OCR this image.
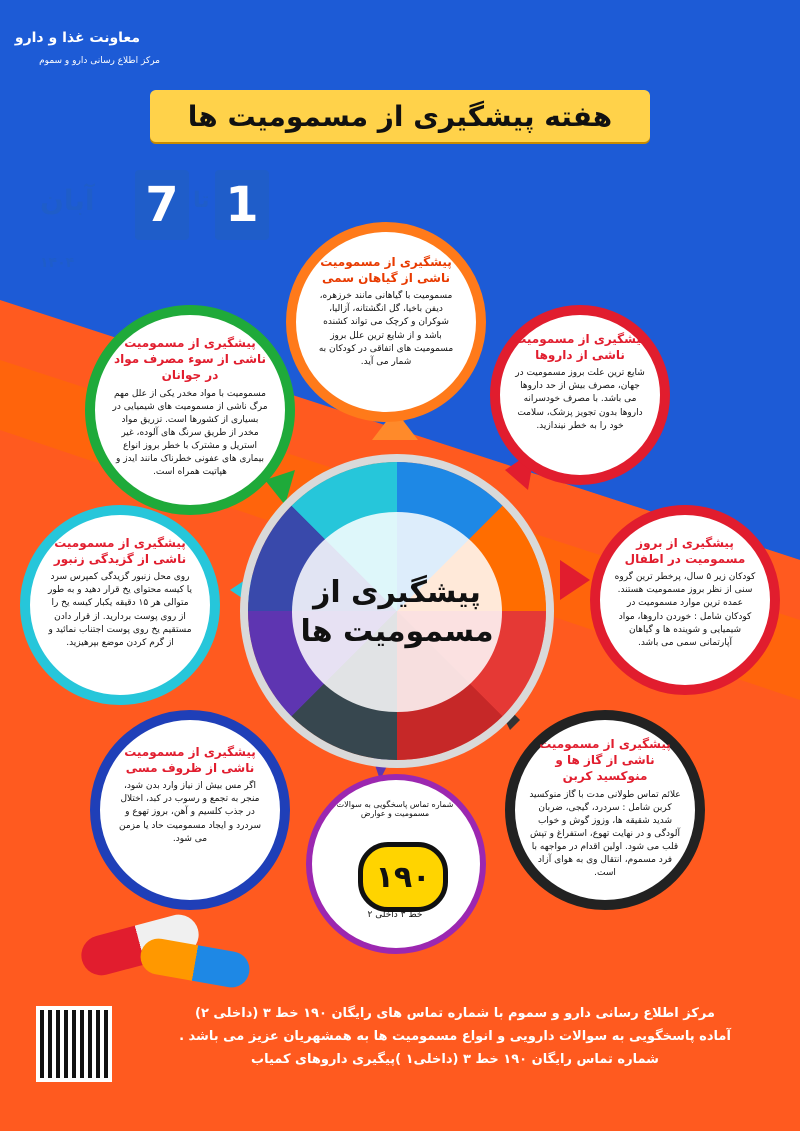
معاونت غذا و دارو
مرکز اطلاع رسانی دارو و سموم
هفته پیشگیری از مسمومیت ها
1
تا
7
آبان
۱۴۰۴
پیشگیری از
مسمومیت ها
پیشگیری از مسمومیت ناشی از گیاهان سمی
مسمومیت با گیاهانی مانند خرزهره، دیفن باخیا، گل انگشتانه، آزالیا، شوکران و کرچک می تواند کشنده باشد و از شایع ترین علل بروز مسمومیت های اتفاقی در کودکان به شمار می آید.
پیشگیری از مسمومیت ناشی از داروها
شایع ترین علت بروز مسمومیت در جهان، مصرف بیش از حد داروها می باشد. با مصرف خودسرانه داروها بدون تجویز پزشک، سلامت خود را به خطر نیندازید.
پیشگیری از بروز مسمومیت در اطفال
کودکان زیر ۵ سال، پرخطر ترین گروه سنی از نظر بروز مسمومیت هستند. عمده ترین موارد مسمومیت در کودکان شامل : خوردن داروها، مواد شیمیایی و شوینده ها و گیاهان آپارتمانی سمی می باشد.
پیشگیری از مسمومیت ناشی از گاز ها و منوکسید کربن
علائم تماس طولانی مدت با گاز منوکسید کربن شامل : سردرد، گیجی، ضربان شدید شقیقه ها، وزوز گوش و خواب آلودگی و در نهایت تهوع، استفراغ و تپش قلب می شود. اولین اقدام در مواجهه با فرد مسموم، انتقال وی به هوای آزاد است.
پیشگیری از مسمومیت ناشی از ظروف مسی
اگر مس بیش از نیاز وارد بدن شود، منجر به تجمع و رسوب در کبد، اختلال در جذب کلسیم و آهن، بروز تهوع و سردرد و ایجاد مسمومیت حاد یا مزمن می شود.
پیشگیری از مسمومیت ناشی از گزیدگی زنبور
روی محل زنبور گزیدگی کمپرس سرد یا کیسه محتوای یخ قرار دهید و به طور متوالی هر ۱۵ دقیقه یکبار کیسه یخ را از روی پوست بردارید. از قرار دادن مستقیم یخ روی پوست اجتناب نمائید و از گرم کردن موضع بپرهیزید.
پیشگیری از مسمومیت ناشی از سوء مصرف مواد در جوانان
مسمومیت با مواد مخدر یکی از علل مهم مرگ ناشی از مسمومیت های شیمیایی در بسیاری از کشورها است. تزریق مواد مخدر از طریق سرنگ های آلوده، غیر استریل و مشترک با خطر بروز انواع بیماری های عفونی خطرناک مانند ایدز و هپاتیت همراه است.
شماره تماس پاسخگویی به سوالات مسمومیت و عوارض
۱۹۰
خط ۳ داخلی ۲
مرکز اطلاع رسانی دارو و سموم با شماره تماس های رایگان ۱۹۰ خط ۳ (داخلی ۲)
آماده پاسخگویی به سوالات دارویی و انواع مسمومیت ها به همشهریان عزیز می باشد .
شماره تماس رایگان ۱۹۰ خط ۳ (داخلی۱ )پیگیری داروهای کمیاب
